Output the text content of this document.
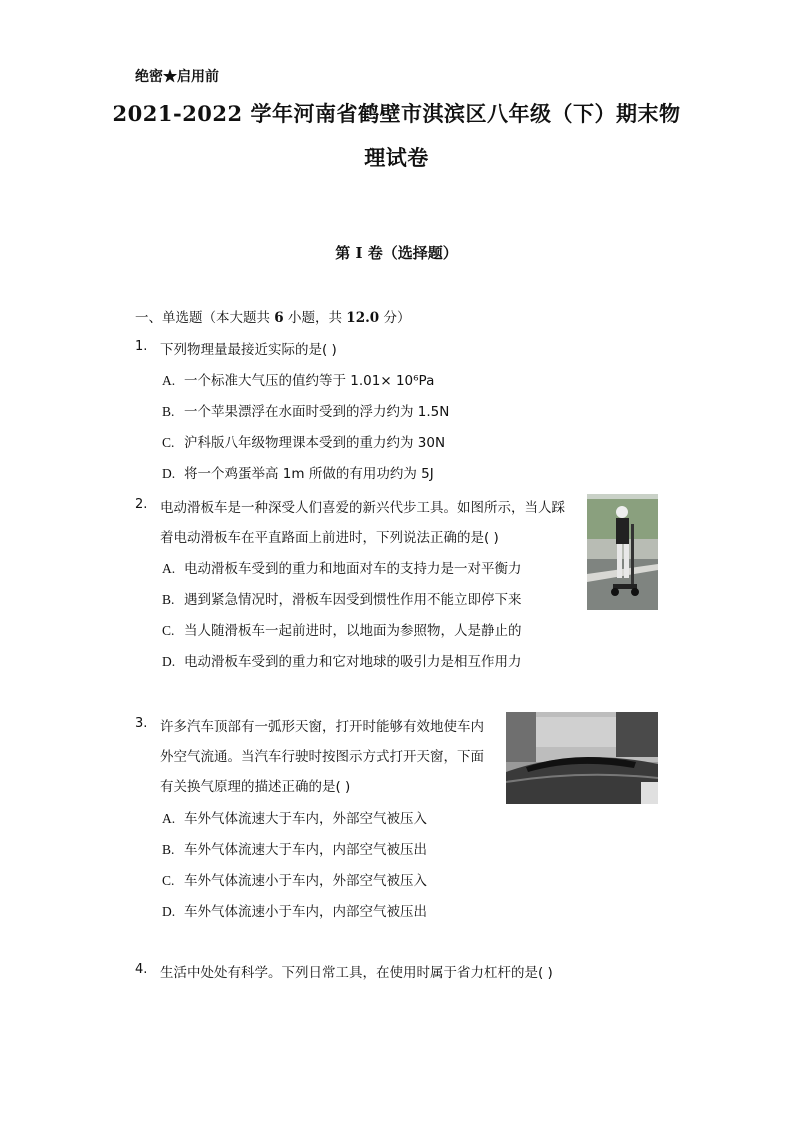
绝密★启用前
2021-2022 学年河南省鹤壁市淇滨区八年级（下）期末物
理试卷
第 I 卷（选择题）
一、单选题（本大题共 6 小题，共 12.0 分）
1. 下列物理量最接近实际的是( )
A. 一个标准大气压的值约等于 1.01× 10⁶Pa
B. 一个苹果漂浮在水面时受到的浮力约为 1.5N
C. 沪科版八年级物理课本受到的重力约为 30N
D. 将一个鸡蛋举高 1m 所做的有用功约为 5J
2. 电动滑板车是一种深受人们喜爱的新兴代步工具。如图所示，当人踩
着电动滑板车在平直路面上前进时，下列说法正确的是( )
A. 电动滑板车受到的重力和地面对车的支持力是一对平衡力
B. 遇到紧急情况时，滑板车因受到惯性作用不能立即停下来
C. 当人随滑板车一起前进时，以地面为参照物，人是静止的
D. 电动滑板车受到的重力和它对地球的吸引力是相互作用力
3. 许多汽车顶部有一弧形天窗，打开时能够有效地使车内
外空气流通。当汽车行驶时按图示方式打开天窗，下面
有关换气原理的描述正确的是( )
A. 车外气体流速大于车内，外部空气被压入
B. 车外气体流速大于车内，内部空气被压出
C. 车外气体流速小于车内，外部空气被压入
D. 车外气体流速小于车内，内部空气被压出
4. 生活中处处有科学。下列日常工具，在使用时属于省力杠杆的是( )
